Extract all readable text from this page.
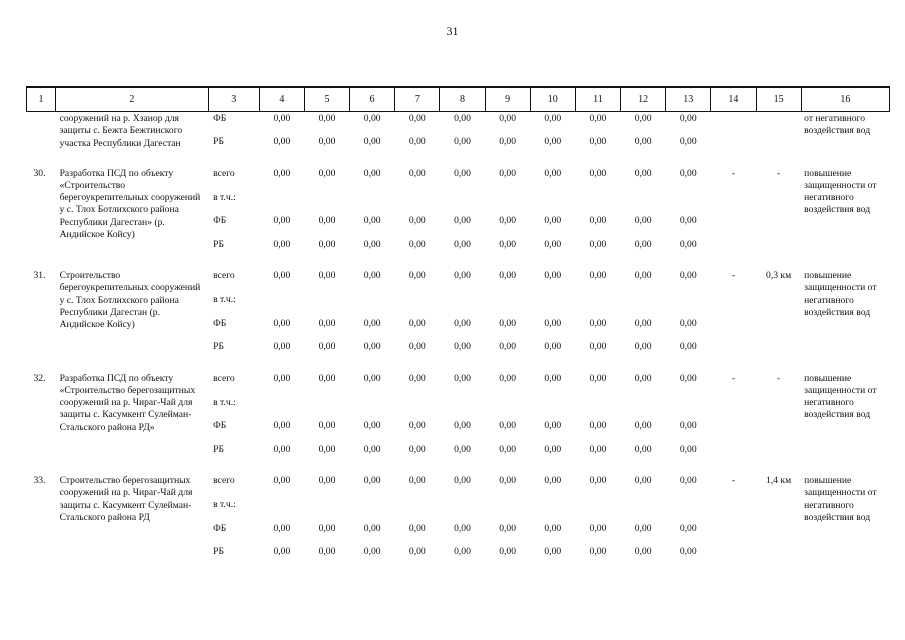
31
1	2	3	4	5	6	7	8	9	10	11	12	13	14	15	16
	сооружений на р. Хзанор для защиты с. Бежта Бежтинского участка Республики Дагестан	ФБ	0,00	0,00	0,00	0,00	0,00	0,00	0,00	0,00	0,00	0,00			от негативного воздействия вод
		РБ	0,00	0,00	0,00	0,00	0,00	0,00	0,00	0,00	0,00	0,00			
30.	Разработка ПСД по объекту «Строительство берегоукрепительных сооружений у с. Тлох Ботлихского района Республики Дагестан» (р. Андийское Койсу)	всего	0,00	0,00	0,00	0,00	0,00	0,00	0,00	0,00	0,00	0,00	-	-	повышение защищенности от негативного воздействия вод
		в т.ч.:													
		ФБ	0,00	0,00	0,00	0,00	0,00	0,00	0,00	0,00	0,00	0,00			
		РБ	0,00	0,00	0,00	0,00	0,00	0,00	0,00	0,00	0,00	0,00			
31.	Строительство берегоукрепительных сооружений у с. Тлох Ботлихского района Республики Дагестан (р. Андийское Койсу)	всего	0,00	0,00	0,00	0,00	0,00	0,00	0,00	0,00	0,00	0,00	-	0,3 км	повышение защищенности от негативного воздействия вод
		в т.ч.:													
		ФБ	0,00	0,00	0,00	0,00	0,00	0,00	0,00	0,00	0,00	0,00			
		РБ	0,00	0,00	0,00	0,00	0,00	0,00	0,00	0,00	0,00	0,00			
32.	Разработка ПСД по объекту «Строительство берегозащитных сооружений на р. Чираг-Чай для защиты с. Касумкент Сулейман-Стальского района РД»	всего	0,00	0,00	0,00	0,00	0,00	0,00	0,00	0,00	0,00	0,00	-	-	повышение защищенности от негативного воздействия вод
		в т.ч.:													
		ФБ	0,00	0,00	0,00	0,00	0,00	0,00	0,00	0,00	0,00	0,00			
		РБ	0,00	0,00	0,00	0,00	0,00	0,00	0,00	0,00	0,00	0,00			
33.	Строительство берегозащитных сооружений на р. Чираг-Чай для защиты с. Касумкент Сулейман-Стальского района РД	всего	0,00	0,00	0,00	0,00	0,00	0,00	0,00	0,00	0,00	0,00	-	1,4 км	повышение защищенности от негативного воздействия вод
		в т.ч.:													
		ФБ	0,00	0,00	0,00	0,00	0,00	0,00	0,00	0,00	0,00	0,00			
		РБ	0,00	0,00	0,00	0,00	0,00	0,00	0,00	0,00	0,00	0,00			
